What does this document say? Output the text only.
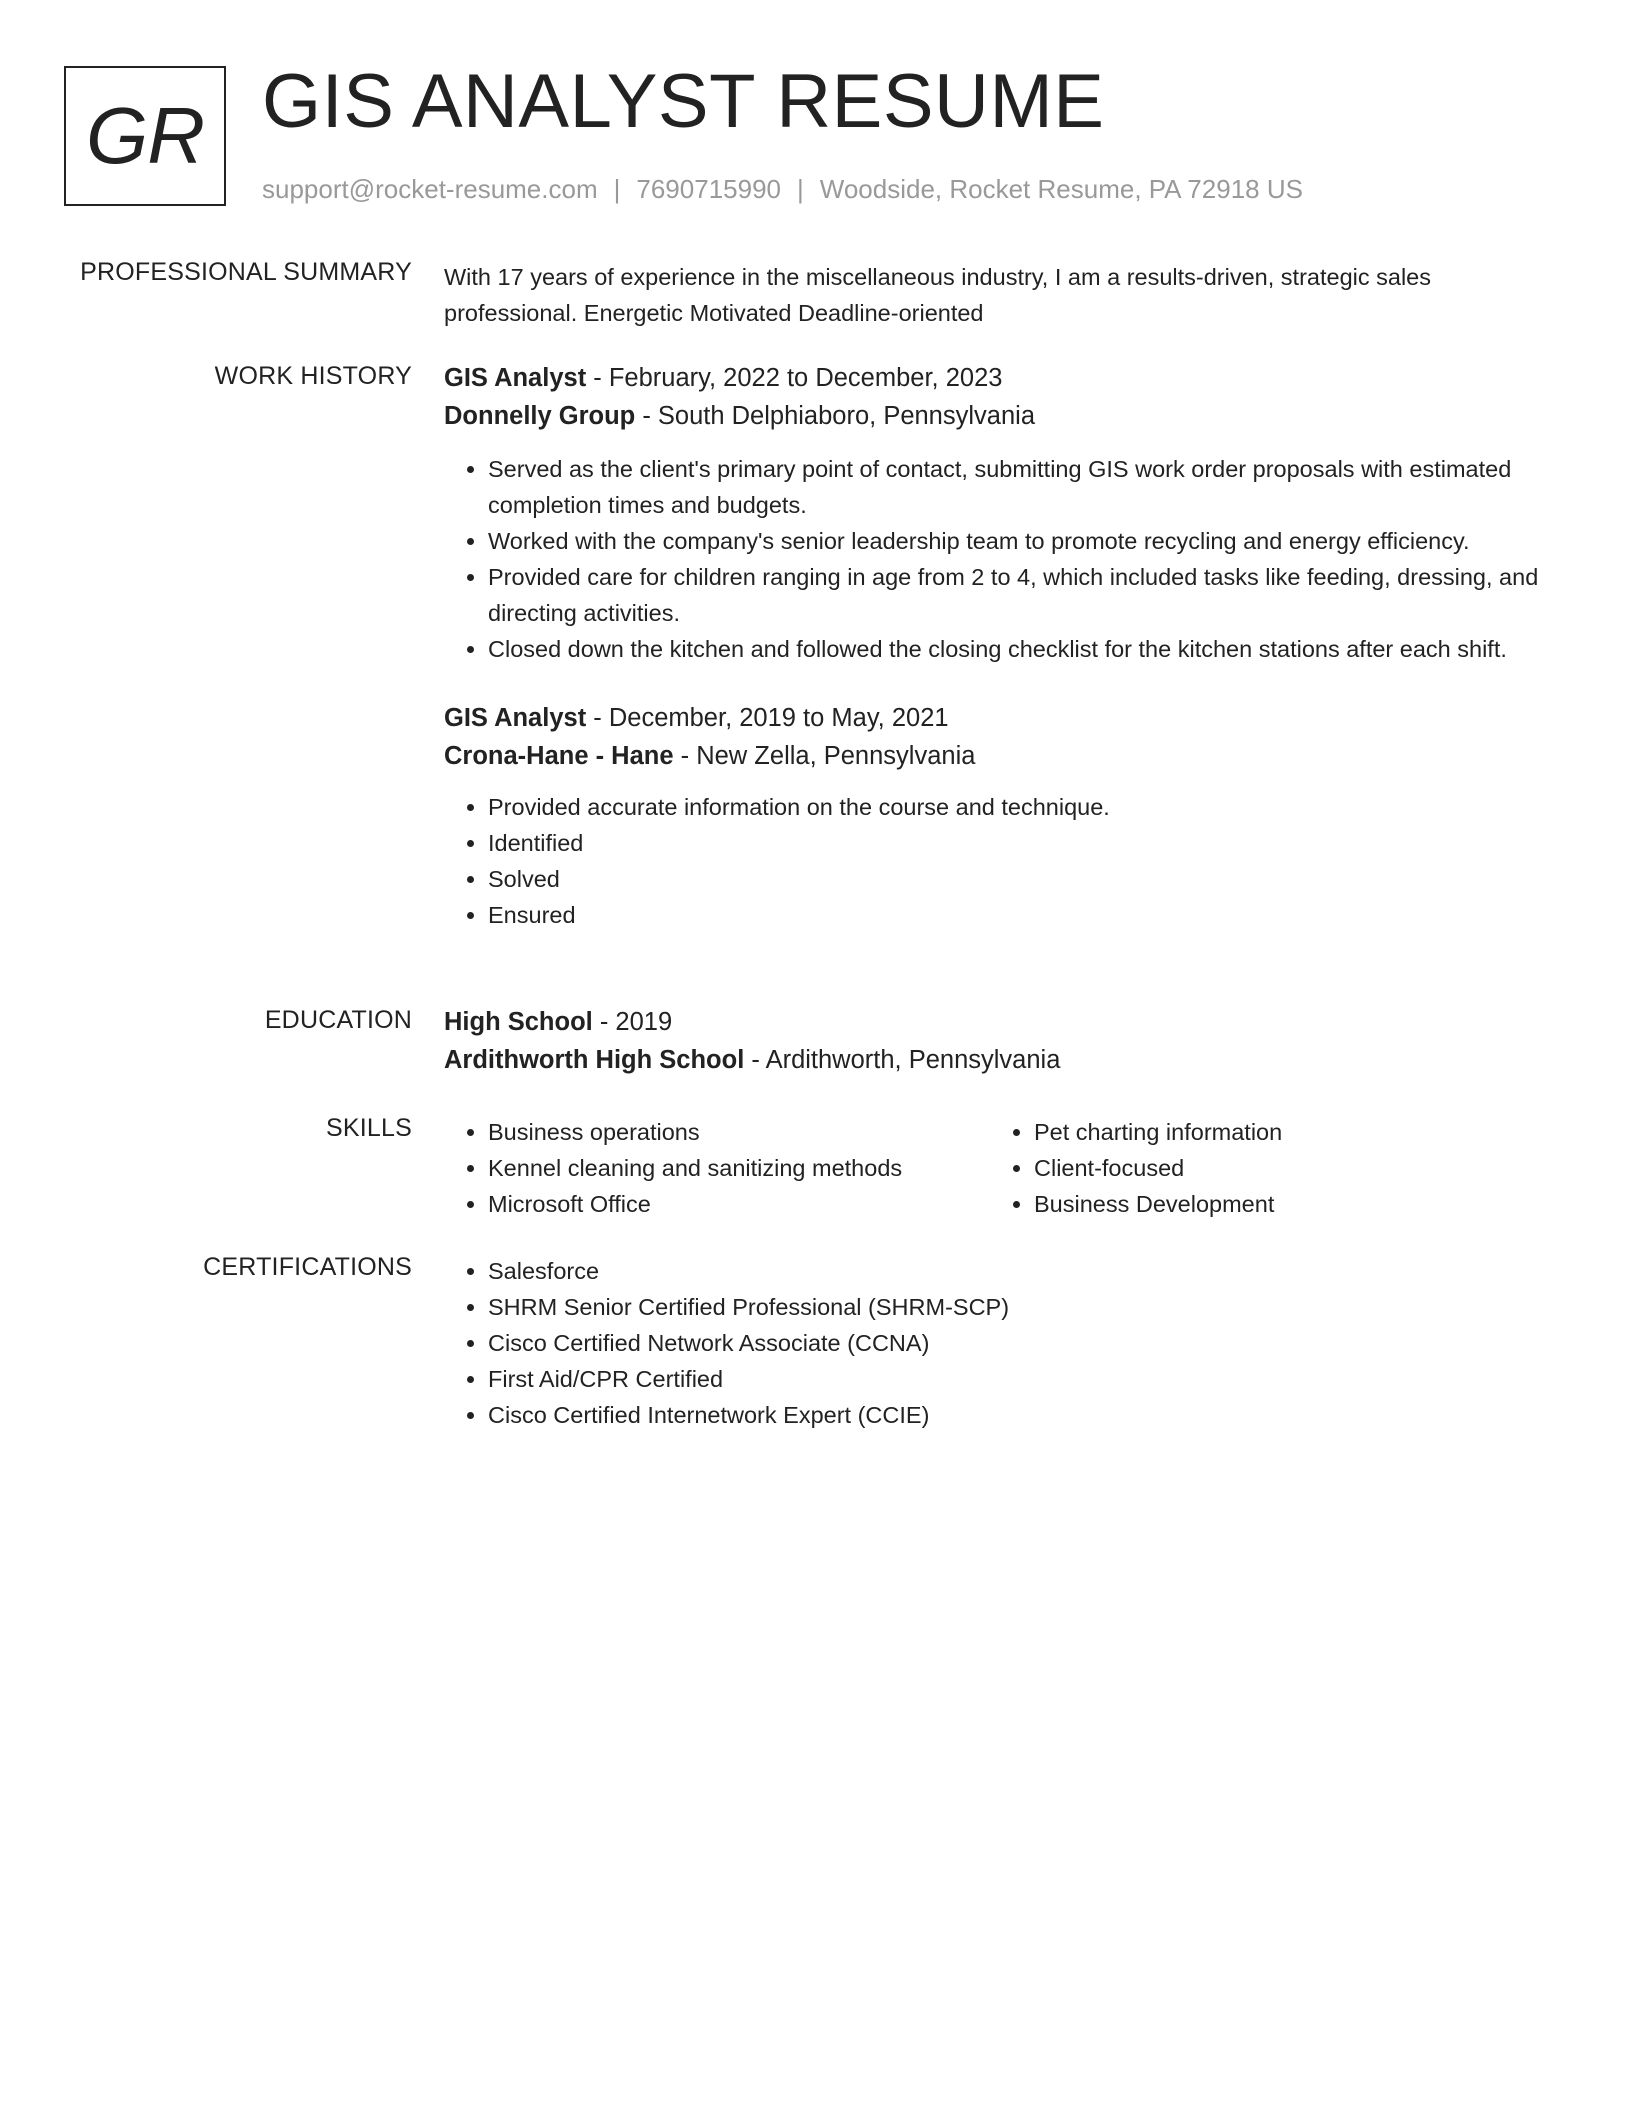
GR GIS ANALYST RESUME
support@rocket-resume.com | 7690715990 | Woodside, Rocket Resume, PA 72918 US
PROFESSIONAL SUMMARY With 17 years of experience in the miscellaneous industry, I am a results-driven, strategic sales professional. Energetic Motivated Deadline-oriented

WORK HISTORY GIS Analyst - February, 2022 to December, 2023
Donnelly Group - South Delphiaboro, Pennsylvania
• Served as the client's primary point of contact, submitting GIS work order proposals with estimated completion times and budgets.
• Worked with the company's senior leadership team to promote recycling and energy efficiency.
• Provided care for children ranging in age from 2 to 4, which included tasks like feeding, dressing, and directing activities.
• Closed down the kitchen and followed the closing checklist for the kitchen stations after each shift.
GIS Analyst - December, 2019 to May, 2021
Crona-Hane - Hane - New Zella, Pennsylvania
• Provided accurate information on the course and technique.
• Identified
• Solved
• Ensured
EDUCATION High School - 2019
Ardithworth High School - Ardithworth, Pennsylvania
SKILLS	• Business operations
• Kennel cleaning and sanitizing methods
• Microsoft Office
• Pet charting information
• Client-focused
• Business Development
CERTIFICATIONS	• Salesforce
• SHRM Senior Certified Professional (SHRM-SCP)
• Cisco Certified Network Associate (CCNA)
• First Aid/CPR Certified
• Cisco Certified Internetwork Expert (CCIE)
